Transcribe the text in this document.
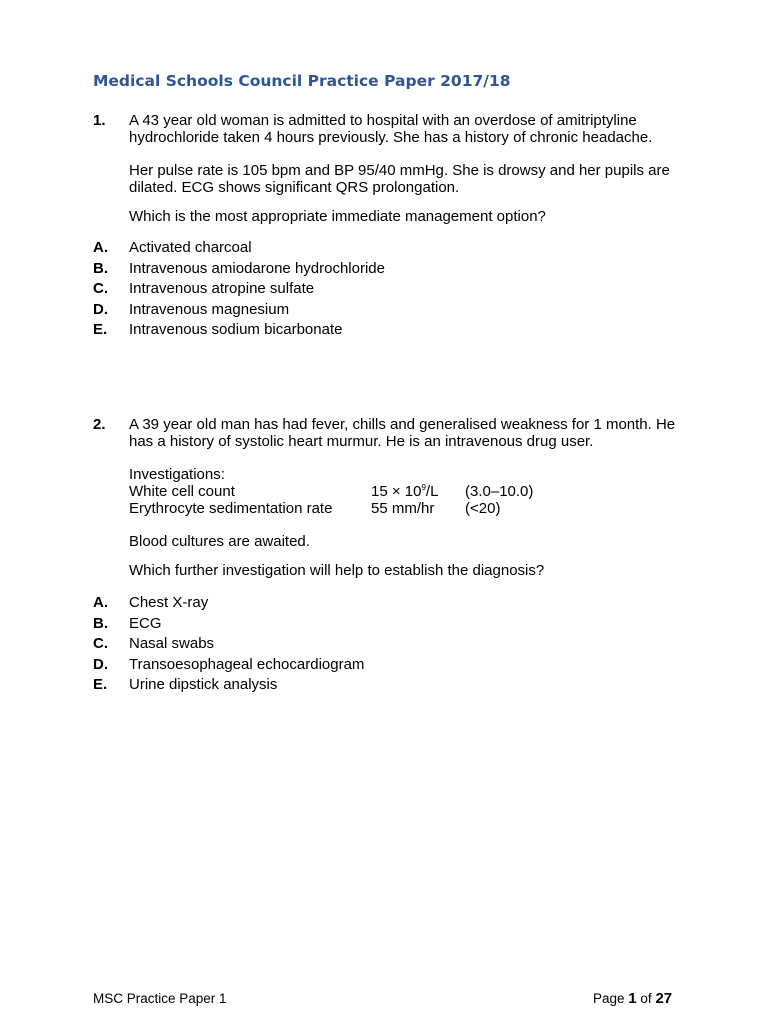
Medical Schools Council Practice Paper 2017/18
1. A 43 year old woman is admitted to hospital with an overdose of amitriptyline hydrochloride taken 4 hours previously. She has a history of chronic headache.

Her pulse rate is 105 bpm and BP 95/40 mmHg. She is drowsy and her pupils are dilated. ECG shows significant QRS prolongation.

Which is the most appropriate immediate management option?

A. Activated charcoal
B. Intravenous amiodarone hydrochloride
C. Intravenous atropine sulfate
D. Intravenous magnesium
E. Intravenous sodium bicarbonate
2. A 39 year old man has had fever, chills and generalised weakness for 1 month. He has a history of systolic heart murmur. He is an intravenous drug user.

Investigations:

White cell count	$15 \times 10^9/L$	(3.0–10.0)
Erythrocyte sedimentation rate	55 mm/hr	(<20)

Blood cultures are awaited.

Which further investigation will help to establish the diagnosis?

A. Chest X-ray
B. ECG
C. Nasal swabs
D. Transoesophageal echocardiogram
E. Urine dipstick analysis
MSC Practice Paper 1	Page 1 of 27
